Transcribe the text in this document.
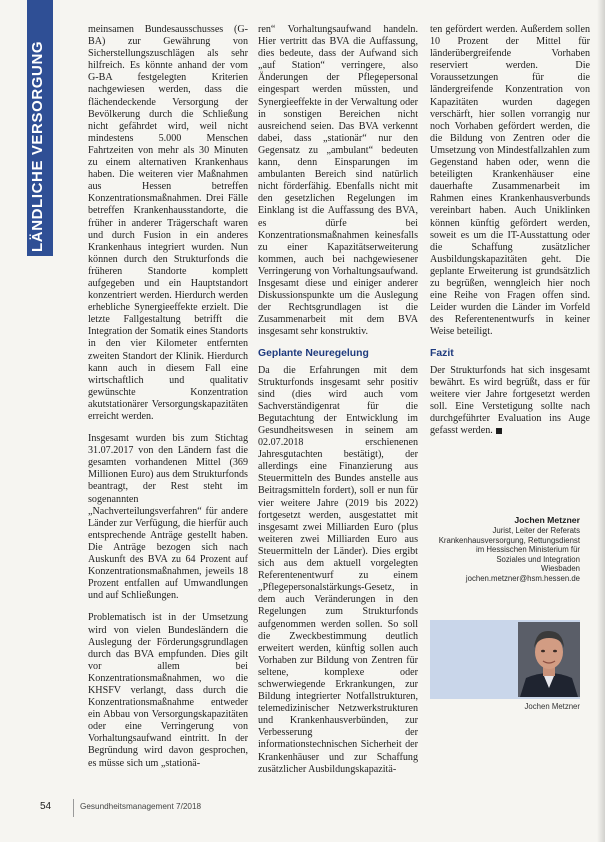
LÄNDLICHE VERSORGUNG

meinsamen Bundesausschusses (G-BA) zur Gewährung von Sicherstellungszuschlägen als sehr hilfreich. Es könnte anhand der vom G-BA festgelegten Kriterien nachgewiesen werden, dass die flächendeckende Versorgung der Bevölkerung durch die Schließung nicht gefährdet wird, weil nicht mindestens 5.000 Menschen Fahrtzeiten von mehr als 30 Minuten zu einem alternativen Krankenhaus haben. Die weiteren vier Maßnahmen aus Hessen betreffen Konzentrationsmaßnahmen. Drei Fälle betreffen Krankenhausstandorte, die früher in anderer Trägerschaft waren und durch Fusion in ein anderes Krankenhaus integriert wurden. Nun können durch den Strukturfonds die früheren Standorte komplett aufgegeben und ein Hauptstandort konzentriert werden. Hierdurch werden erhebliche Synergieeffekte erzielt. Die letzte Fallgestaltung betrifft die Integration der Somatik eines Standorts in den vier Kilometer entfernten zweiten Standort der Klinik. Hierdurch kann auch in diesem Fall eine wirtschaftlich und qualitativ gewünschte Konzentration akutstationärer Versorgungskapazitäten erreicht werden.

Insgesamt wurden bis zum Stichtag 31.07.2017 von den Ländern fast die gesamten vorhandenen Mittel (369 Millionen Euro) aus dem Strukturfonds beantragt, der Rest steht im sogenannten „Nachverteilungsverfahren“ für andere Länder zur Verfügung, die hierfür auch entsprechende Anträge gestellt haben. Die Anträge bezogen sich nach Auskunft des BVA zu 64 Prozent auf Konzentrationsmaßnahmen, jeweils 18 Prozent entfallen auf Umwandlungen und auf Schließungen.

Problematisch ist in der Umsetzung wird von vielen Bundesländern die Auslegung der Förderungsgrundlagen durch das BVA empfunden. Dies gilt vor allem bei Konzentrationsmaßnahmen, wo die KHSFV verlangt, dass durch die Konzentrationsmaßnahme entweder ein Abbau von Versorgungskapazitäten oder eine Verringerung von Vorhaltungsaufwand eintritt. In der Begründung wird davon gesprochen, es müsse sich um „stationä-

ren“ Vorhaltungsaufwand handeln. Hier vertritt das BVA die Auffassung, dies bedeute, dass der Aufwand sich „auf Station“ verringere, also Änderungen der Pflegepersonal eingespart werden müssten, und Synergieeffekte in der Verwaltung oder in sonstigen Bereichen nicht ausreichend seien. Das BVA verkennt dabei, dass „stationär“ nur den Gegensatz zu „ambulant“ bedeuten kann, denn Einsparungen im ambulanten Bereich sind natürlich nicht förderfähig. Ebenfalls nicht mit den gesetzlichen Regelungen im Einklang ist die Auffassung des BVA, es dürfe bei Konzentrationsmaßnahmen keinesfalls zu einer Kapazitätserweiterung kommen, auch bei nachgewiesener Verringerung von Vorhaltungsaufwand. Insgesamt diese und einiger anderer Diskussionspunkte um die Auslegung der Rechtsgrundlagen ist die Zusammenarbeit mit dem BVA insgesamt sehr konstruktiv.

Geplante Neuregelung

Da die Erfahrungen mit dem Strukturfonds insgesamt sehr positiv sind (dies wird auch vom Sachverständigenrat für die Begutachtung der Entwicklung im Gesundheitswesen in seinem am 02.07.2018 erschienenen Jahresgutachten bestätigt), der allerdings eine Finanzierung aus Steuermitteln des Bundes anstelle aus Beitragsmitteln fordert), soll er nun für vier weitere Jahre (2019 bis 2022) fortgesetzt werden, ausgestattet mit insgesamt zwei Milliarden Euro (plus weiteren zwei Milliarden Euro aus Steuermitteln der Länder). Dies ergibt sich aus dem aktuell vorgelegten Referentenentwurf zu einem „Pflegepersonalstärkungs-Gesetz, in dem auch Veränderungen in den Regelungen zum Strukturfonds aufgenommen werden sollen. So soll die Zweckbestimmung deutlich erweitert werden, künftig sollen auch Vorhaben zur Bildung von Zentren für seltene, komplexe oder schwerwiegende Erkrankungen, zur Bildung integrierter Notfallstrukturen, telemedizinischer Netzwerkstrukturen und Krankenhausverbünden, zur Verbesserung der informationstechnischen Sicherheit der Krankenhäuser und zur Schaffung zusätzlicher Ausbildungskapazitä-

ten gefördert werden. Außerdem sollen 10 Prozent der Mittel für länderübergreifende Vorhaben reserviert werden. Die Voraussetzungen für die ländergreifende Konzentration von Kapazitäten wurden dagegen verschärft, hier sollen vorrangig nur noch Vorhaben gefördert werden, die die Bildung von Zentren oder die Umsetzung von Mindestfallzahlen zum Gegenstand haben oder, wenn die beteiligten Krankenhäuser eine dauerhafte Zusammenarbeit im Rahmen eines Krankenhausverbunds vereinbart haben. Auch Uniklinken können künftig gefördert werden, soweit es um die IT-Ausstattung oder die Schaffung zusätzlicher Ausbildungskapazitäten geht. Die geplante Erweiterung ist grundsätzlich zu begrüßen, wenngleich hier noch eine Reihe von Fragen offen sind. Leider wurden die Länder im Vorfeld des Referentenentwurfs in keiner Weise beteiligt.

Fazit

Der Strukturfonds hat sich insgesamt bewährt. Es wird begrüßt, dass er für weitere vier Jahre fortgesetzt werden soll. Eine Verstetigung sollte nach durchgeführter Evaluation ins Auge gefasst werden.

Jochen Metzner
Jurist, Leiter der Referats
Krankenhausversorgung, Rettungsdienst
im Hessischen Ministerium für
Soziales und Integration
Wiesbaden
jochen.metzner@hsm.hessen.de
Jochen Metzner
54	Gesundheitsmanagement 7/2018
